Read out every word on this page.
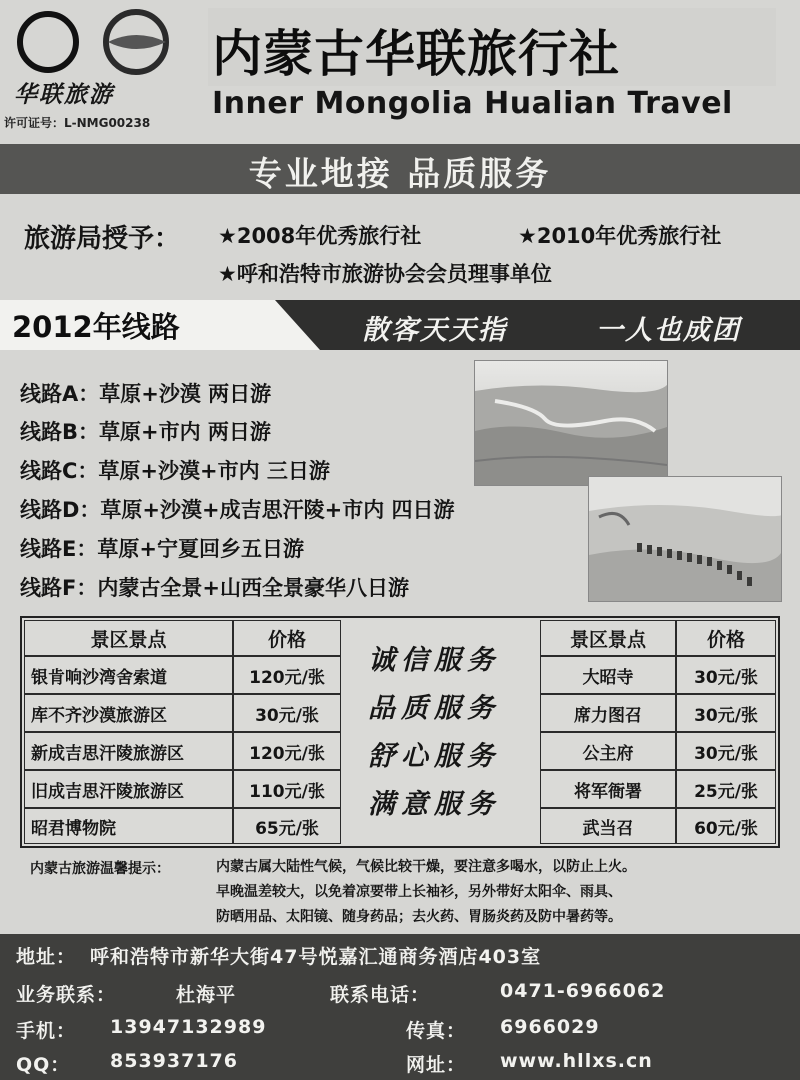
华联旅游
许可证号：L-NMG00238
内蒙古华联旅行社
Inner Mongolia Hualian Travel
专业地接 品质服务
旅游局授予： ★2008年优秀旅行社	★2010年优秀旅行社
★呼和浩特市旅游协会会员理事单位
2012年线路	散客天天指	一人也成团
线路A：草原+沙漠 两日游
线路B：草原+市内 两日游
线路C：草原+沙漠+市内 三日游
线路D：草原+沙漠+成吉思汗陵+市内 四日游
线路E：草原+宁夏回乡五日游
线路F：内蒙古全景+山西全景豪华八日游
景区景点	价格
银肯响沙湾舍索道	120元/张
库不齐沙漠旅游区	30元/张
新成吉思汗陵旅游区	120元/张
旧成吉思汗陵旅游区	110元/张
昭君博物院	65元/张
诚信服务
品质服务
舒心服务
满意服务
景区景点	价格
大昭寺	30元/张
席力图召	30元/张
公主府	30元/张
将军衙署	25元/张
武当召	60元/张
内蒙古旅游温馨提示：	内蒙古属大陆性气候，气候比较干燥，要注意多喝水，以防止上火。
早晚温差较大，以免着凉要带上长袖衫，另外带好太阳伞、雨具、
防晒用品、太阳镜、随身药品；去火药、胃肠炎药及防中暑药等。
地址： 呼和浩特市新华大街47号悦嘉汇通商务酒店403室
业务联系：	杜海平	联系电话：	0471-6966062
手机： 13947132989	传真： 6966029
QQ： 853937176	网址： www.hllxs.cn
